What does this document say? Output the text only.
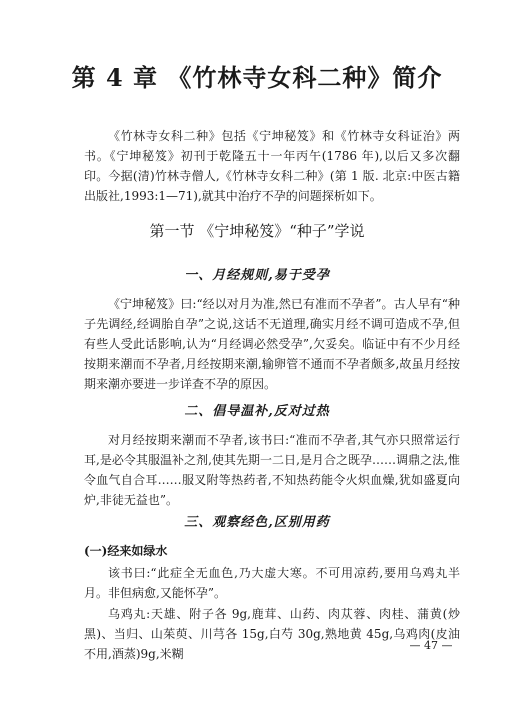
第 4 章 《竹林寺女科二种》简介

《竹林寺女科二种》包括《宁坤秘笈》和《竹林寺女科证治》两书。《宁坤秘笈》初刊于乾隆五十一年丙午(1786 年),以后又多次翻印。今据(清)竹林寺僧人,《竹林寺女科二种》(第 1 版. 北京:中医古籍出版社,1993:1—71),就其中治疗不孕的问题探析如下。

第一节 《宁坤秘笈》“种子”学说
一、月经规则,易于受孕

《宁坤秘笈》曰:“经以对月为准,然已有准而不孕者”。古人早有“种子先调经,经调胎自孕”之说,这话不无道理,确实月经不调可造成不孕,但有些人受此话影响,认为“月经调必然受孕”,欠妥矣。临证中有不少月经按期来潮而不孕者,月经按期来潮,输卵管不通而不孕者颇多,故虽月经按期来潮亦要进一步详查不孕的原因。

二、倡导温补,反对过热

对月经按期来潮而不孕者,该书曰:“准而不孕者,其气亦只照常运行耳,是必令其服温补之剂,使其先期一二日,是月合之既孕……调鼎之法,惟令血气自合耳……服叉附等热药者,不知热药能令火炽血燥,犹如盛夏向炉,非徒无益也”。

三、观察经色,区别用药
(一)经来如绿水

该书曰:“此症全无血色,乃大虚大寒。不可用凉药,要用乌鸡丸半月。非但病愈,又能怀孕”。

乌鸡丸:天雄、附子各 9g,鹿茸、山药、肉苁蓉、肉桂、蒲黄(炒黑)、当归、山茱萸、川芎各 15g,白芍 30g,熟地黄 45g,乌鸡肉(皮油不用,酒蒸)9g,米糊

— 47 —
